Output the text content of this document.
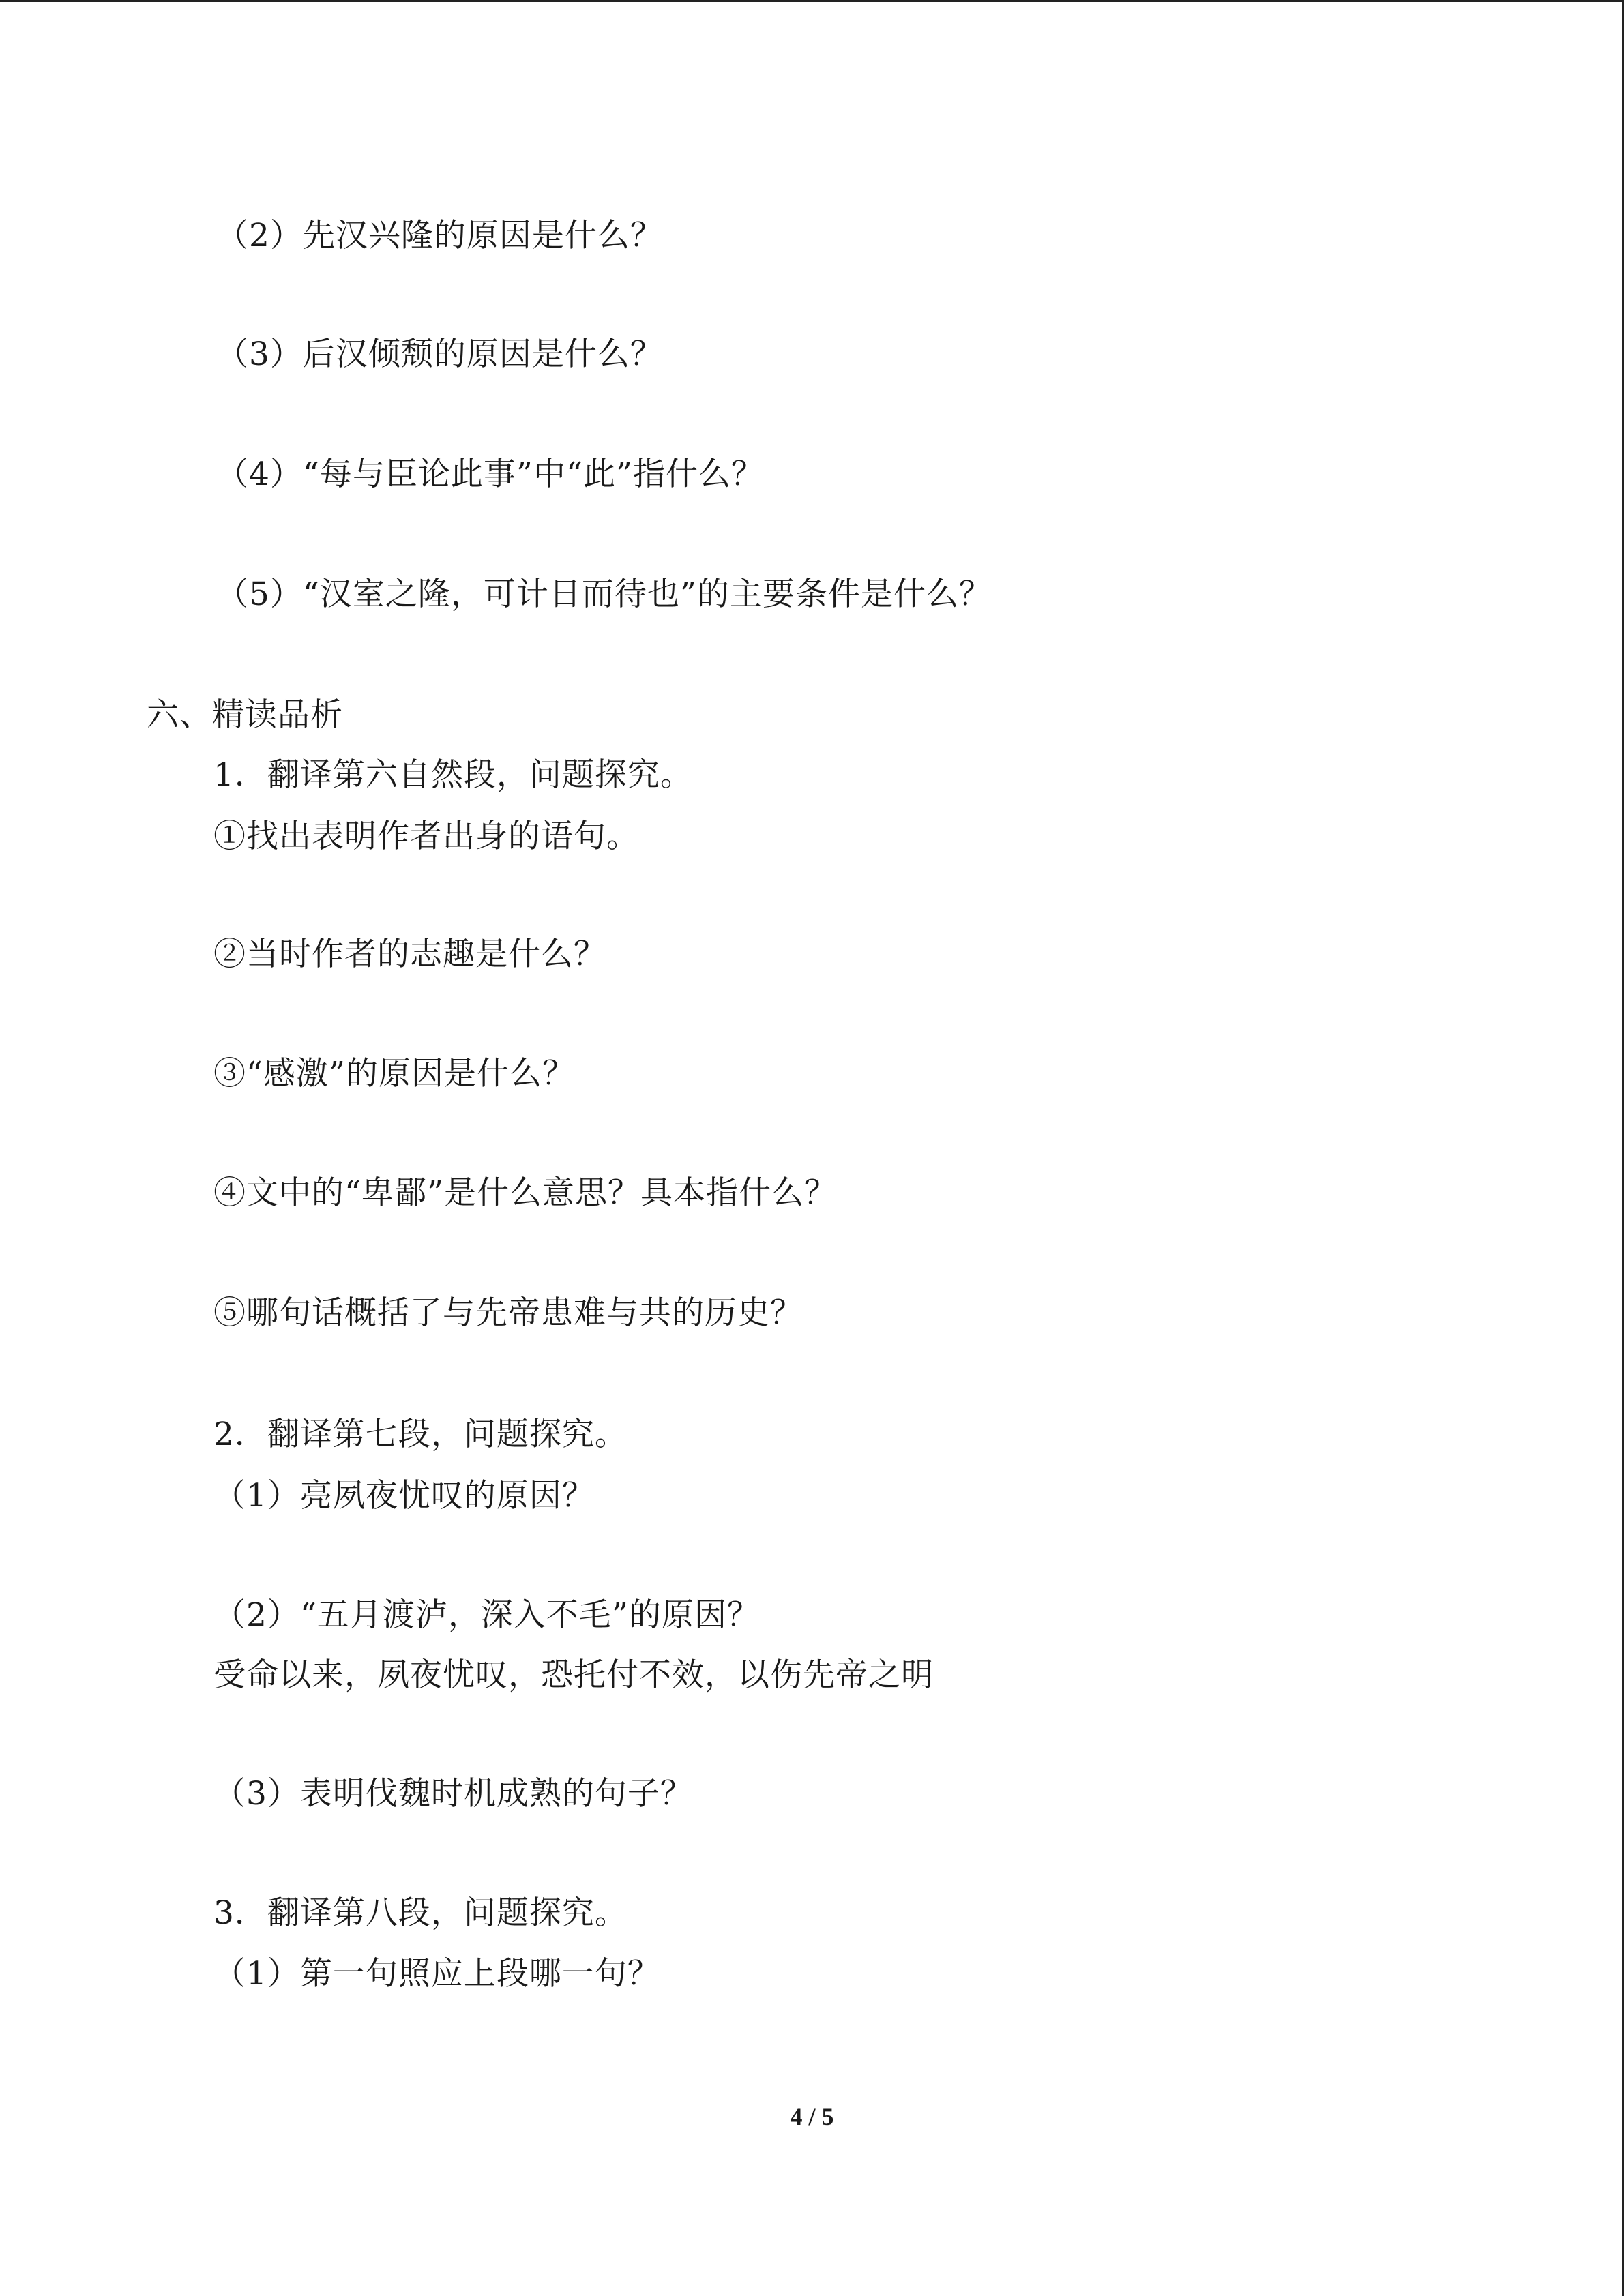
（2）先汉兴隆的原因是什么？
（3）后汉倾颓的原因是什么？
（4）“每与臣论此事”中“此”指什么？
（5）“汉室之隆，可计日而待也”的主要条件是什么？
六、精读品析
1．翻译第六自然段，问题探究。
①找出表明作者出身的语句。
②当时作者的志趣是什么？
③“感激”的原因是什么？
④文中的“卑鄙”是什么意思？具本指什么？
⑤哪句话概括了与先帝患难与共的历史？
2．翻译第七段，问题探究。
（1）亮夙夜忧叹的原因？
（2）“五月渡泸，深入不毛”的原因？
受命以来，夙夜忧叹，恐托付不效，以伤先帝之明
（3）表明伐魏时机成熟的句子？
3．翻译第八段，问题探究。
（1）第一句照应上段哪一句？
4 / 5
